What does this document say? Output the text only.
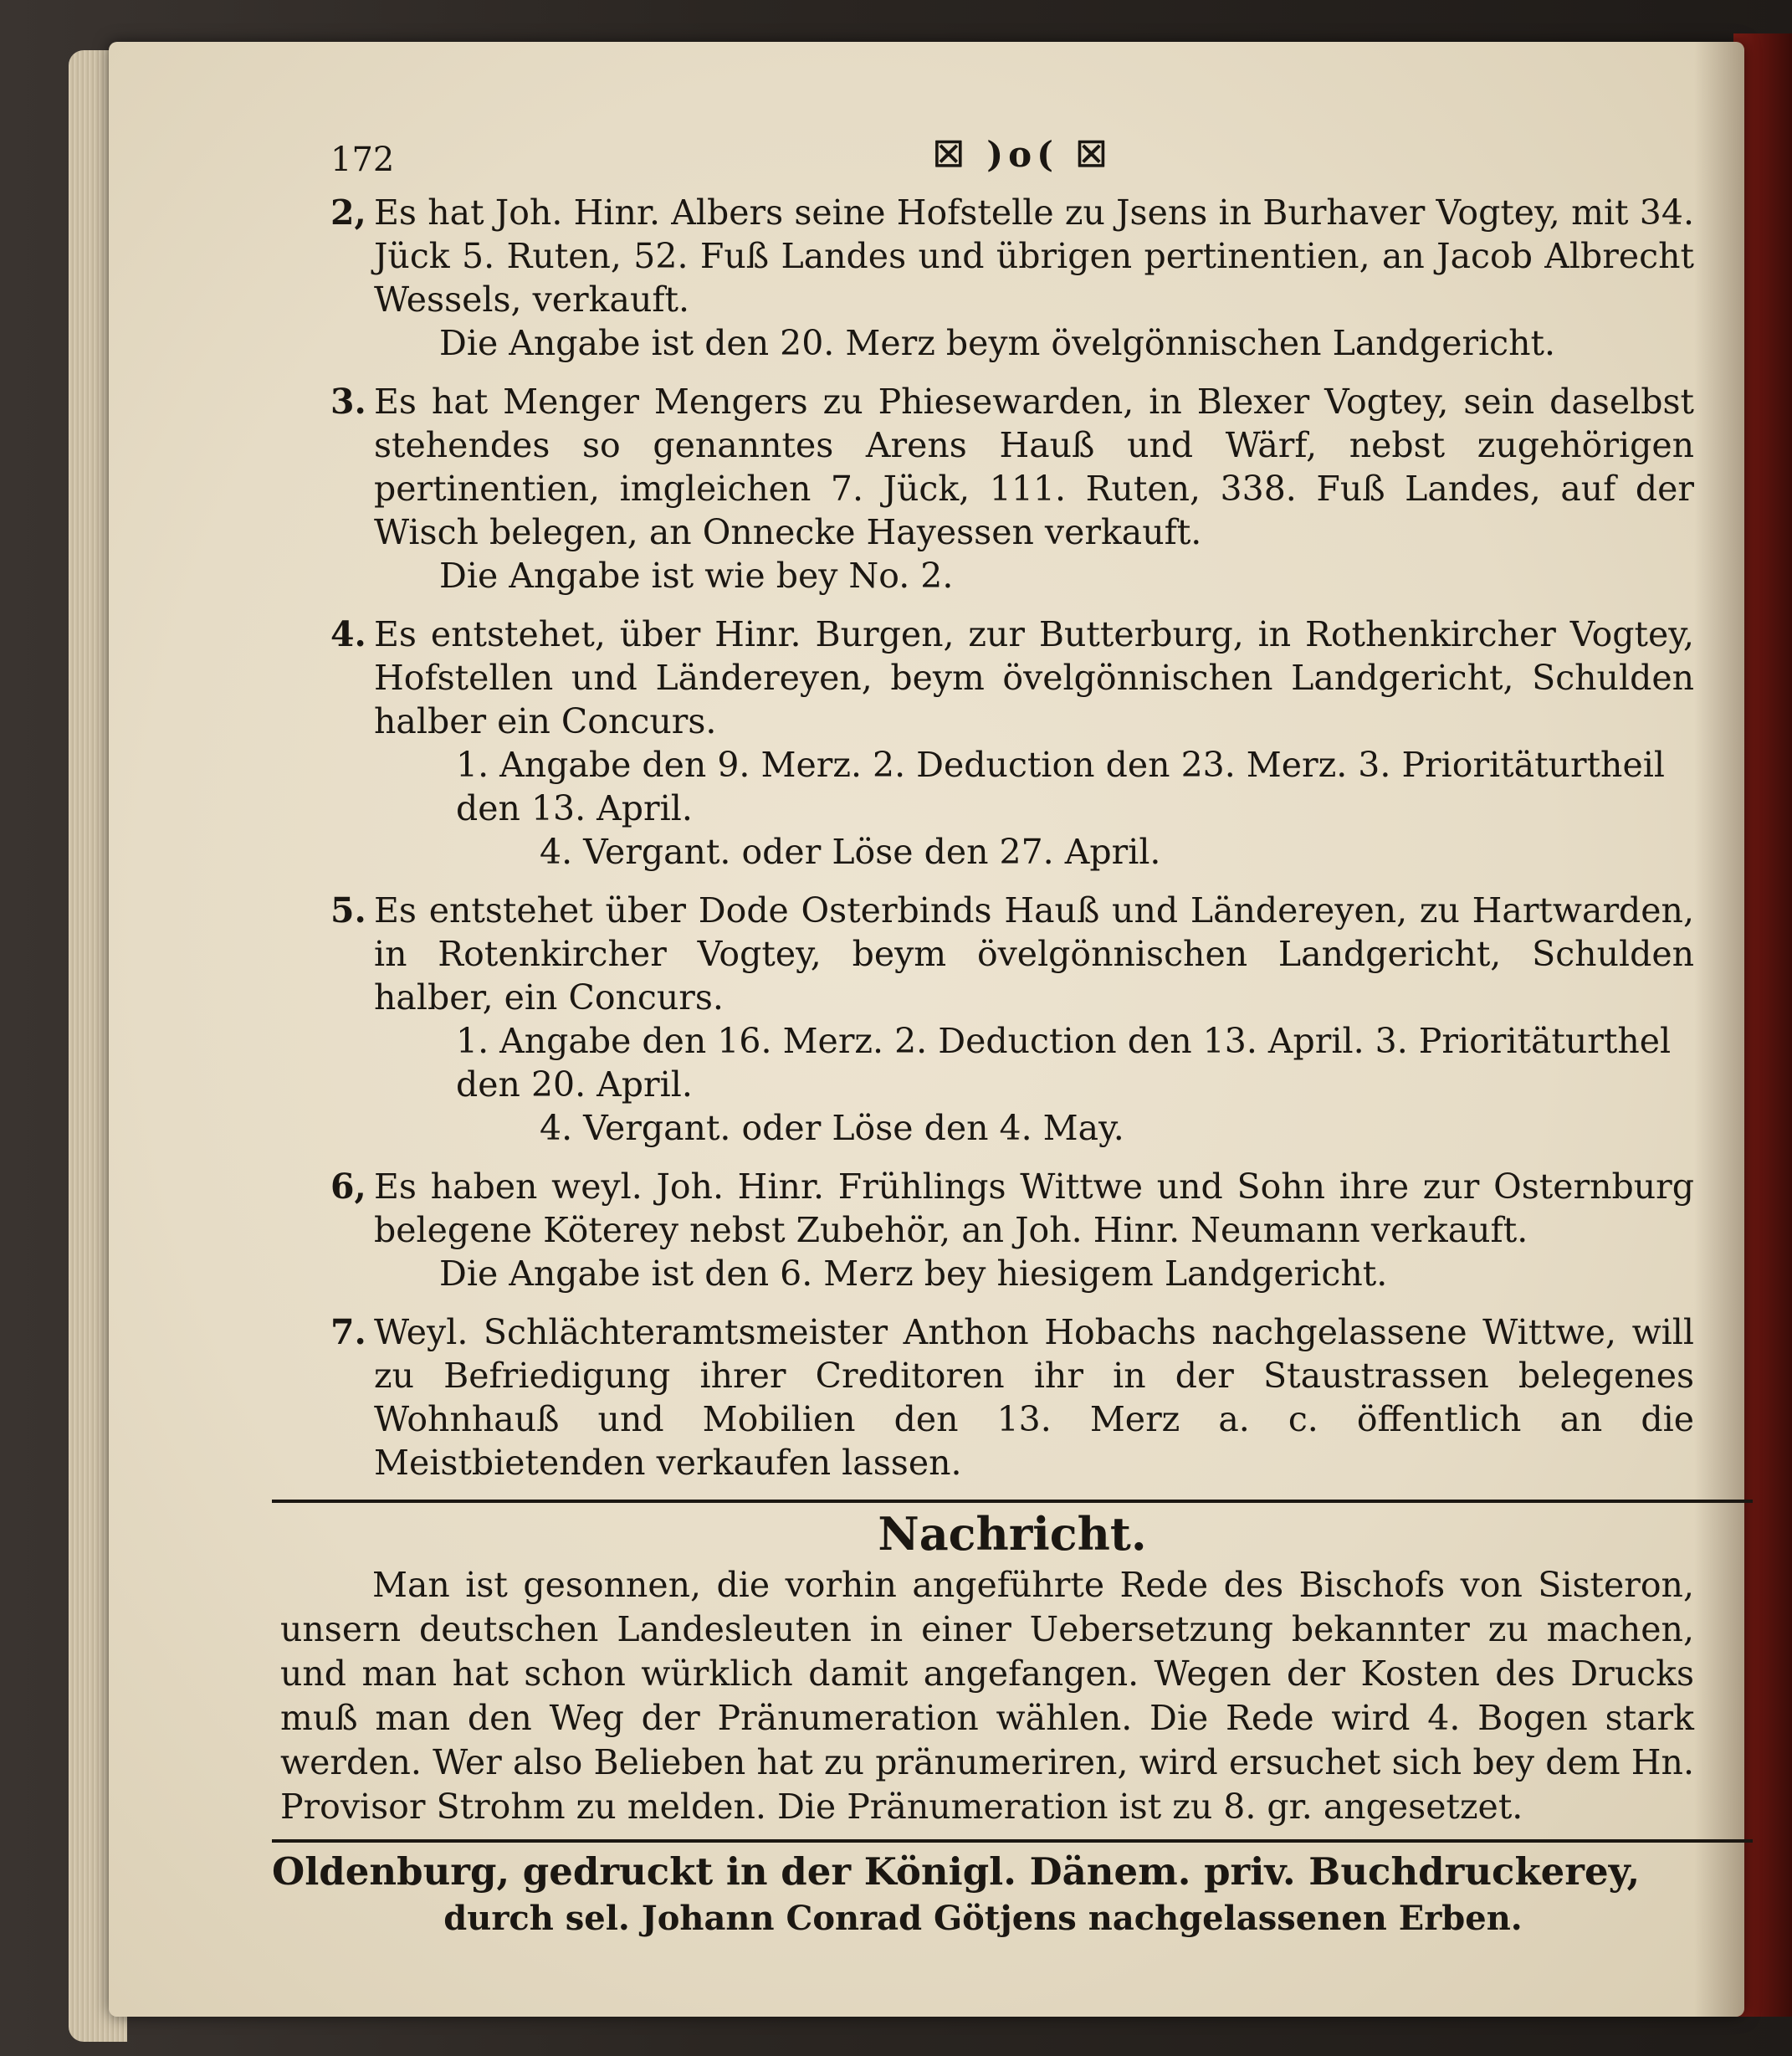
172	☒ )o( ☒
2, Es hat Joh. Hinr. Albers seine Hofstelle zu Jsens in Burhaver Vogtey, mit 34. Jück 5. Ruten, 52. Fuß Landes und übrigen pertinentien, an Jacob Albrecht Wessels, verkauft.
Die Angabe ist den 20. Merz beym övelgönnischen Landgericht.
3. Es hat Menger Mengers zu Phiesewarden, in Blexer Vogtey, sein daselbst stehendes so genanntes Arens Hauß und Wärf, nebst zugehörigen pertinentien, imgleichen 7. Jück, 111. Ruten, 338. Fuß Landes, auf der Wisch belegen, an Onnecke Hayessen verkauft.
Die Angabe ist wie bey No. 2.
4. Es entstehet, über Hinr. Burgen, zur Butterburg, in Rothenkircher Vogtey, Hofstellen und Ländereyen, beym övelgönnischen Landgericht, Schulden halber ein Concurs.
1. Angabe den 9. Merz. 2. Deduction den 23. Merz. 3. Prioritäturtheil den 13. April.
4. Vergant. oder Löse den 27. April.
5. Es entstehet über Dode Osterbinds Hauß und Ländereyen, zu Hartwarden, in Rotenkircher Vogtey, beym övelgönnischen Landgericht, Schulden halber, ein Concurs.
1. Angabe den 16. Merz. 2. Deduction den 13. April. 3. Prioritäturthel den 20. April.
4. Vergant. oder Löse den 4. May.
6, Es haben weyl. Joh. Hinr. Frühlings Wittwe und Sohn ihre zur Osternburg belegene Köterey nebst Zubehör, an Joh. Hinr. Neumann verkauft.
Die Angabe ist den 6. Merz bey hiesigem Landgericht.
7. Weyl. Schlächteramtsmeister Anthon Hobachs nachgelassene Wittwe, will zu Befriedigung ihrer Creditoren ihr in der Staustrassen belegenes Wohnhauß und Mobilien den 13. Merz a. c. öffentlich an die Meistbietenden verkaufen lassen.
Nachricht.
Man ist gesonnen, die vorhin angeführte Rede des Bischofs von Sisteron, unsern deutschen Landesleuten in einer Uebersetzung bekannter zu machen, und man hat schon würklich damit angefangen. Wegen der Kosten des Drucks muß man den Weg der Pränumeration wählen. Die Rede wird 4. Bogen stark werden. Wer also Belieben hat zu pränumeriren, wird ersuchet sich bey dem Hn. Provisor Strohm zu melden. Die Pränumeration ist zu 8. gr. angesetzet.
Oldenburg, gedruckt in der Königl. Dänem. priv. Buchdruckerey,
durch sel. Johann Conrad Götjens nachgelassenen Erben.
